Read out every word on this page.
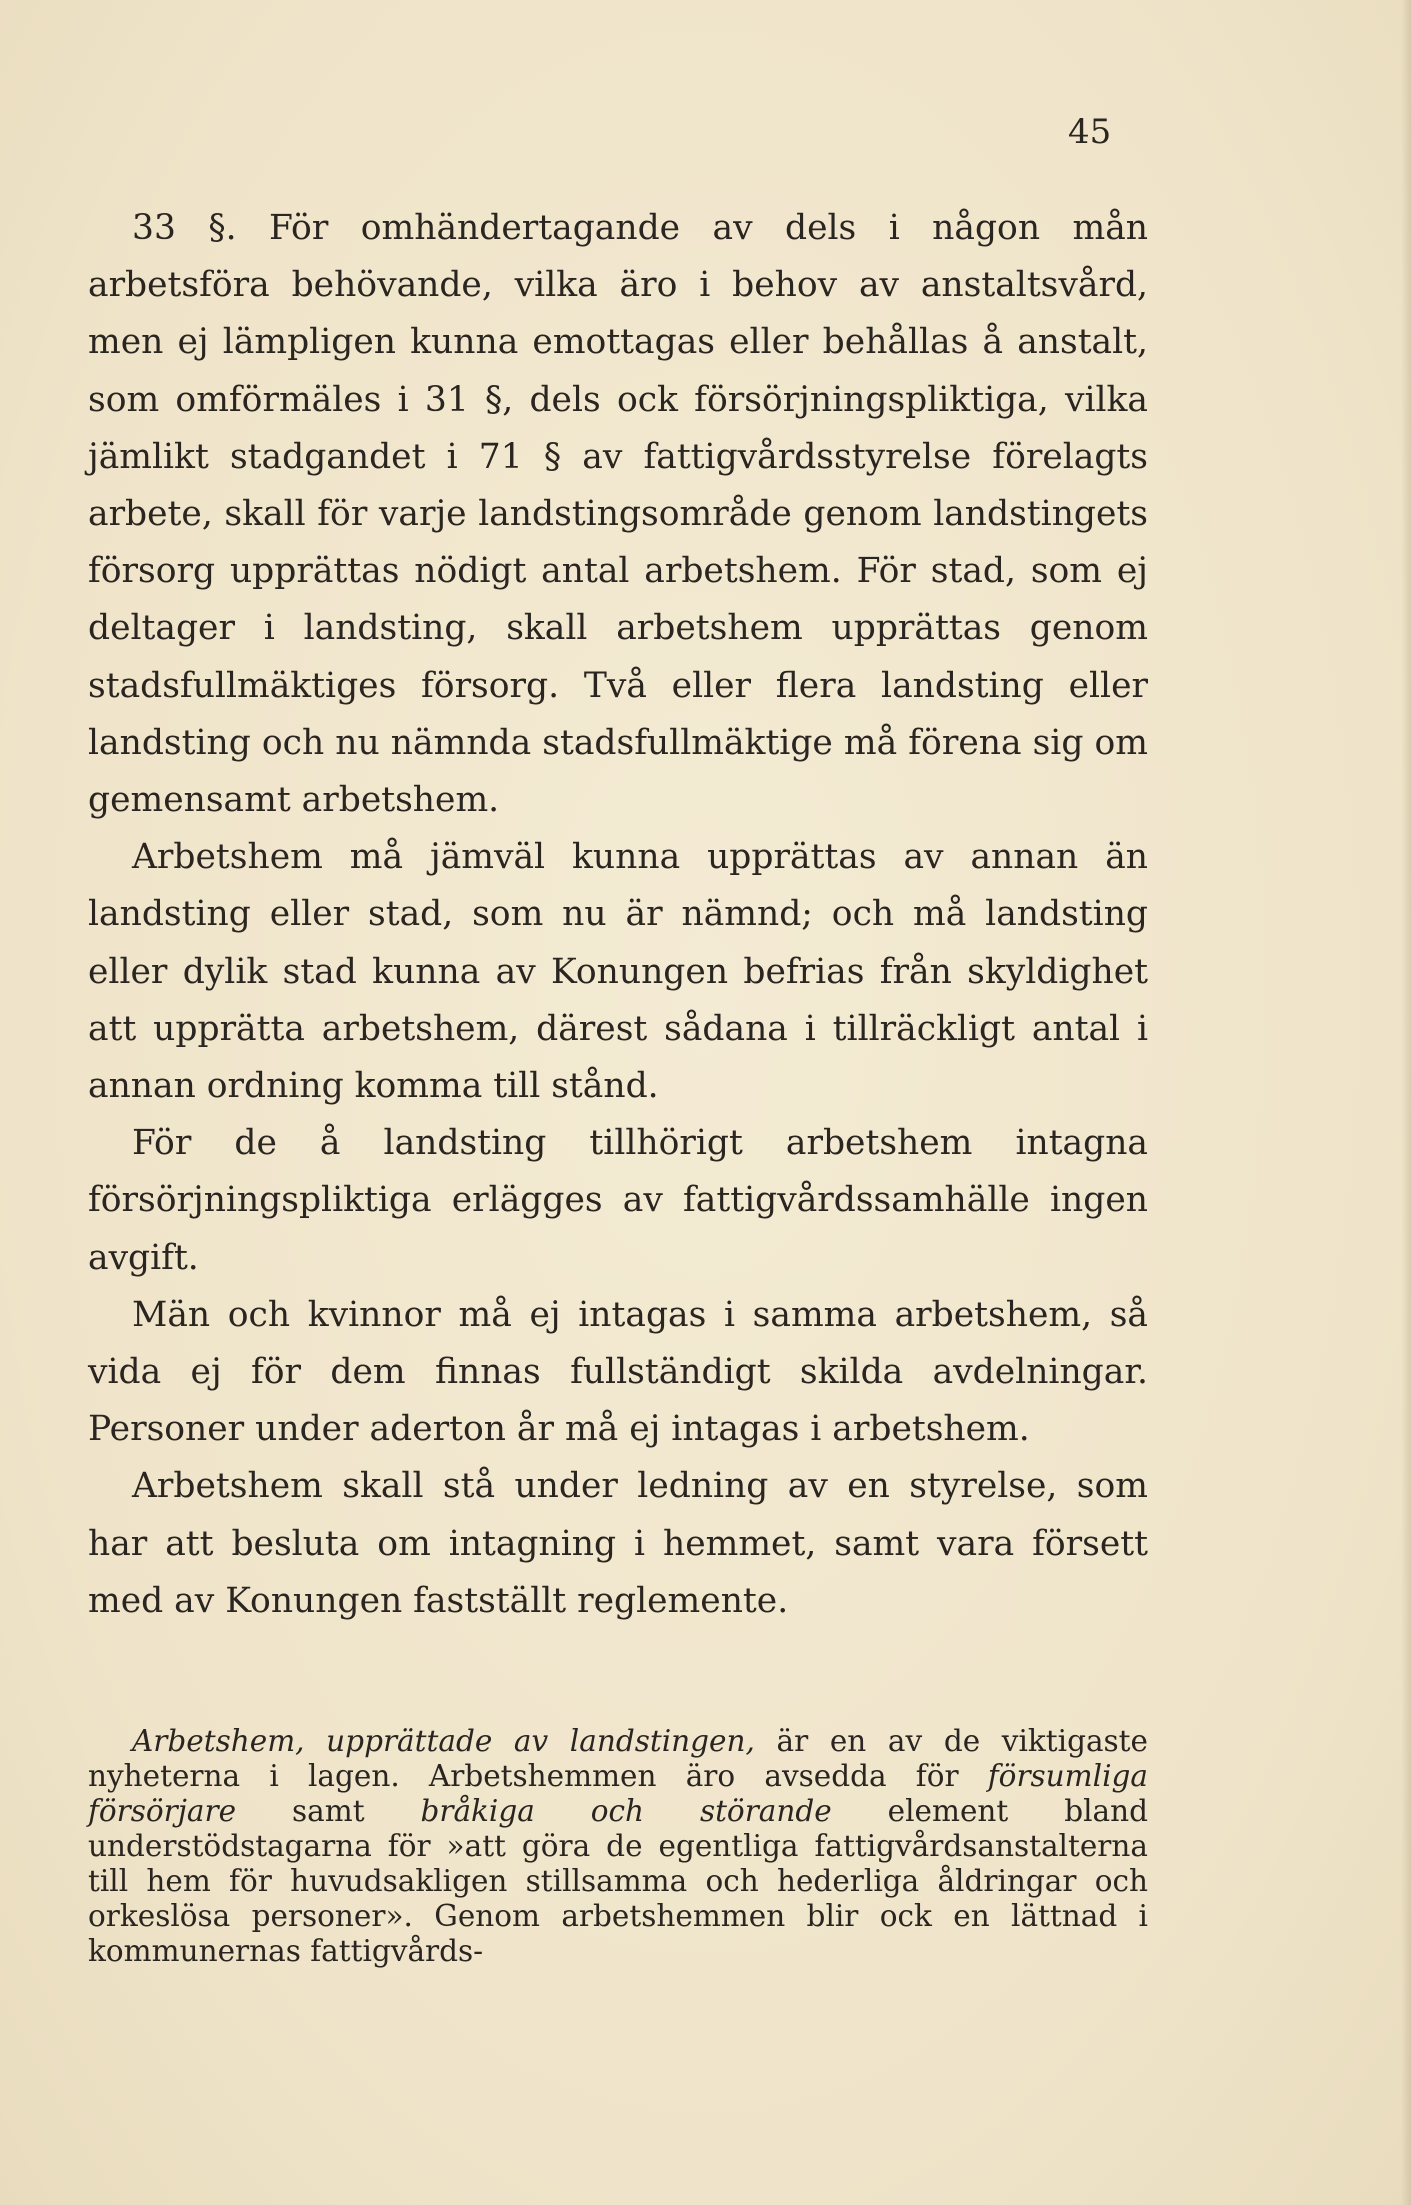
45

33 §. För omhändertagande av dels i någon mån arbetsföra behövande, vilka äro i behov av anstaltsvård, men ej lämpligen kunna emottagas eller behållas å anstalt, som omförmäles i 31 §, dels ock försörjningspliktiga, vilka jämlikt stadgandet i 71 § av fattigvårdsstyrelse förelagts arbete, skall för varje landstingsområde genom landstingets försorg upprättas nödigt antal arbetshem. För stad, som ej deltager i landsting, skall arbetshem upprättas genom stadsfullmäktiges försorg. Två eller flera landsting eller landsting och nu nämnda stadsfullmäktige må förena sig om gemensamt arbetshem.

Arbetshem må jämväl kunna upprättas av annan än landsting eller stad, som nu är nämnd; och må landsting eller dylik stad kunna av Konungen befrias från skyldighet att upprätta arbetshem, därest sådana i tillräckligt antal i annan ordning komma till stånd.

För de å landsting tillhörigt arbetshem intagna försörjningspliktiga erlägges av fattigvårdssamhälle ingen avgift.

Män och kvinnor må ej intagas i samma arbetshem, så vida ej för dem finnas fullständigt skilda avdelningar. Personer under aderton år må ej intagas i arbetshem.

Arbetshem skall stå under ledning av en styrelse, som har att besluta om intagning i hemmet, samt vara försett med av Konungen fastställt reglemente.

Arbetshem, upprättade av landstingen, är en av de viktigaste nyheterna i lagen. Arbetshemmen äro avsedda för försumliga försörjare samt bråkiga och störande element bland understödstagarna för »att göra de egentliga fattigvårdsanstalterna till hem för huvudsakligen stillsamma och hederliga åldringar och orkeslösa personer». Genom arbetshemmen blir ock en lättnad i kommunernas fattigvårds-
